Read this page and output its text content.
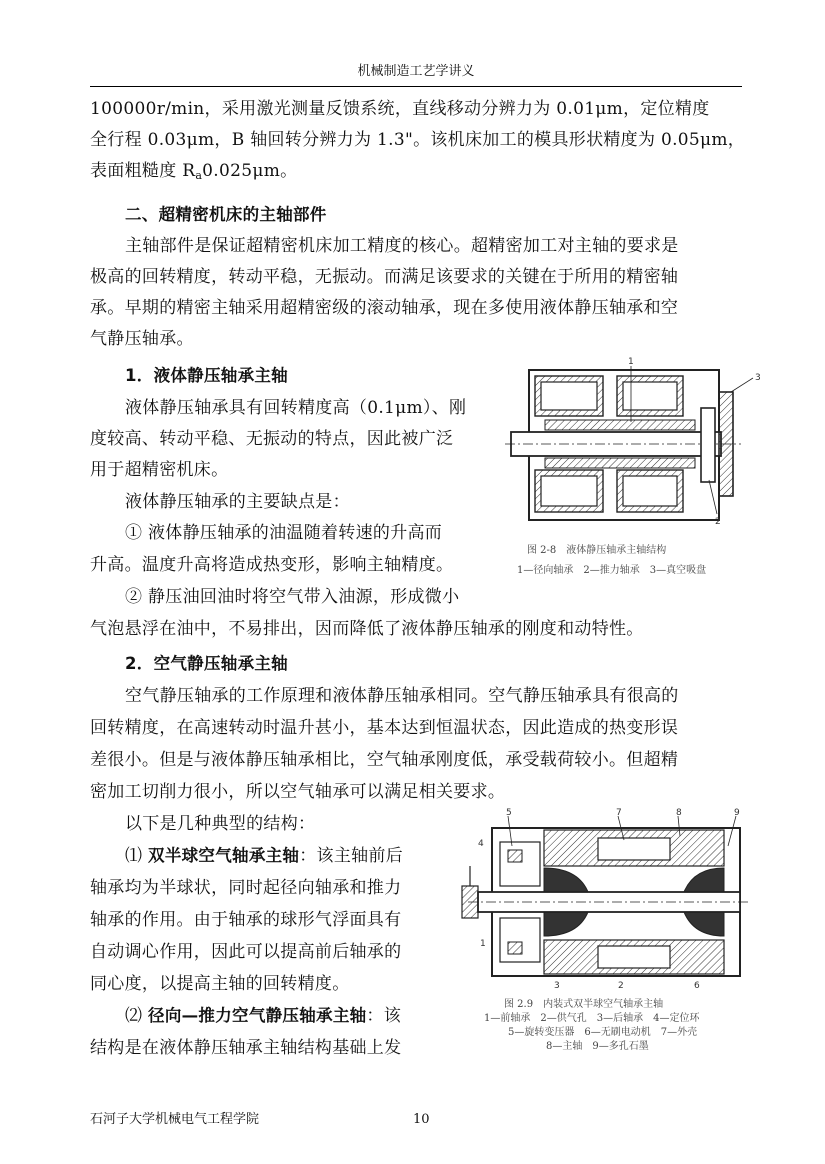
机械制造工艺学讲义
100000r/min，采用激光测量反馈系统，直线移动分辨力为 0.01μm，定位精度
全行程 0.03μm，B 轴回转分辨力为 1.3"。该机床加工的模具形状精度为 0.05μm，
表面粗糙度 $R_a0.025\mu m$。
二、超精密机床的主轴部件
主轴部件是保证超精密机床加工精度的核心。超精密加工对主轴的要求是
极高的回转精度，转动平稳，无振动。而满足该要求的关键在于所用的精密轴
承。早期的精密主轴采用超精密级的滚动轴承，现在多使用液体静压轴承和空
气静压轴承。
1．液体静压轴承主轴
液体静压轴承具有回转精度高（0.1μm）、刚
度较高、转动平稳、无振动的特点，因此被广泛
用于超精密机床。
液体静压轴承的主要缺点是：
① 液体静压轴承的油温随着转速的升高而
升高。温度升高将造成热变形，影响主轴精度。
② 静压油回油时将空气带入油源，形成微小
气泡悬浮在油中，不易排出，因而降低了液体静压轴承的刚度和动特性。
2．空气静压轴承主轴
空气静压轴承的工作原理和液体静压轴承相同。空气静压轴承具有很高的
回转精度，在高速转动时温升甚小，基本达到恒温状态，因此造成的热变形误
差很小。但是与液体静压轴承相比，空气轴承刚度低，承受载荷较小。但超精
密加工切削力很小，所以空气轴承可以满足相关要求。
以下是几种典型的结构：
⑴ 双半球空气轴承主轴：该主轴前后
轴承均为半球状，同时起径向轴承和推力
轴承的作用。由于轴承的球形气浮面具有
自动调心作用，因此可以提高前后轴承的
同心度，以提高主轴的回转精度。
⑵ 径向—推力空气静压轴承主轴：该
结构是在液体静压轴承主轴结构基础上发
1
3
2
图 2-8　液体静压轴承主轴结构
1—径向轴承　2—推力轴承　3—真空吸盘
5	7	8	9
4
1
2
3	6
图 2.9　内装式双半球空气轴承主轴
1—前轴承　2—供气孔　3—后轴承　4—定位环
5—旋转变压器　6—无刷电动机　7—外壳
8—主轴　9—多孔石墨
石河子大学机械电气工程学院	10
